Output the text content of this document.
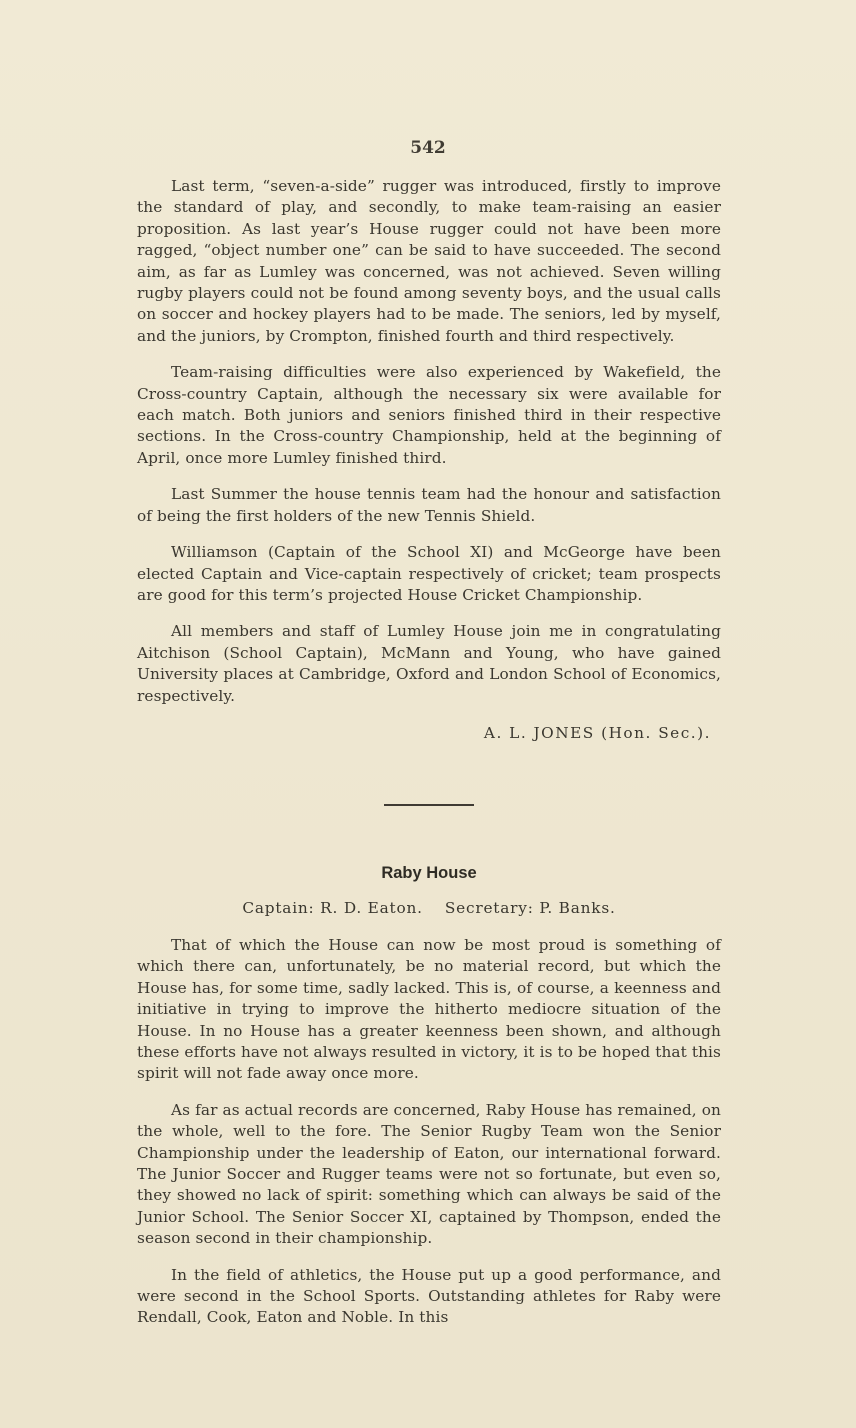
542

Last term, “seven-a-side” rugger was introduced, firstly to improve the standard of play, and secondly, to make team-raising an easier proposition. As last year’s House rugger could not have been more ragged, “object number one” can be said to have succeeded. The second aim, as far as Lumley was concerned, was not achieved. Seven willing rugby players could not be found among seventy boys, and the usual calls on soccer and hockey players had to be made. The seniors, led by myself, and the juniors, by Crompton, finished fourth and third respectively.

Team-raising difficulties were also experienced by Wakefield, the Cross-country Captain, although the necessary six were available for each match. Both juniors and seniors finished third in their respective sections. In the Cross-country Championship, held at the beginning of April, once more Lumley finished third.

Last Summer the house tennis team had the honour and satisfaction of being the first holders of the new Tennis Shield.

Williamson (Captain of the School XI) and McGeorge have been elected Captain and Vice-captain respectively of cricket; team prospects are good for this term’s projected House Cricket Championship.

All members and staff of Lumley House join me in congratulating Aitchison (School Captain), McMann and Young, who have gained University places at Cambridge, Oxford and London School of Economics, respectively.

A. L. JONES (Hon. Sec.).
Raby House
Captain: R. D. Eaton. Secretary: P. Banks.

That of which the House can now be most proud is something of which there can, unfortunately, be no material record, but which the House has, for some time, sadly lacked. This is, of course, a keenness and initiative in trying to improve the hitherto mediocre situation of the House. In no House has a greater keenness been shown, and although these efforts have not always resulted in victory, it is to be hoped that this spirit will not fade away once more.

As far as actual records are concerned, Raby House has remained, on the whole, well to the fore. The Senior Rugby Team won the Senior Championship under the leadership of Eaton, our international forward. The Junior Soccer and Rugger teams were not so fortunate, but even so, they showed no lack of spirit: something which can always be said of the Junior School. The Senior Soccer XI, captained by Thompson, ended the season second in their championship.

In the field of athletics, the House put up a good performance, and were second in the School Sports. Outstanding athletes for Raby were Rendall, Cook, Eaton and Noble. In this
